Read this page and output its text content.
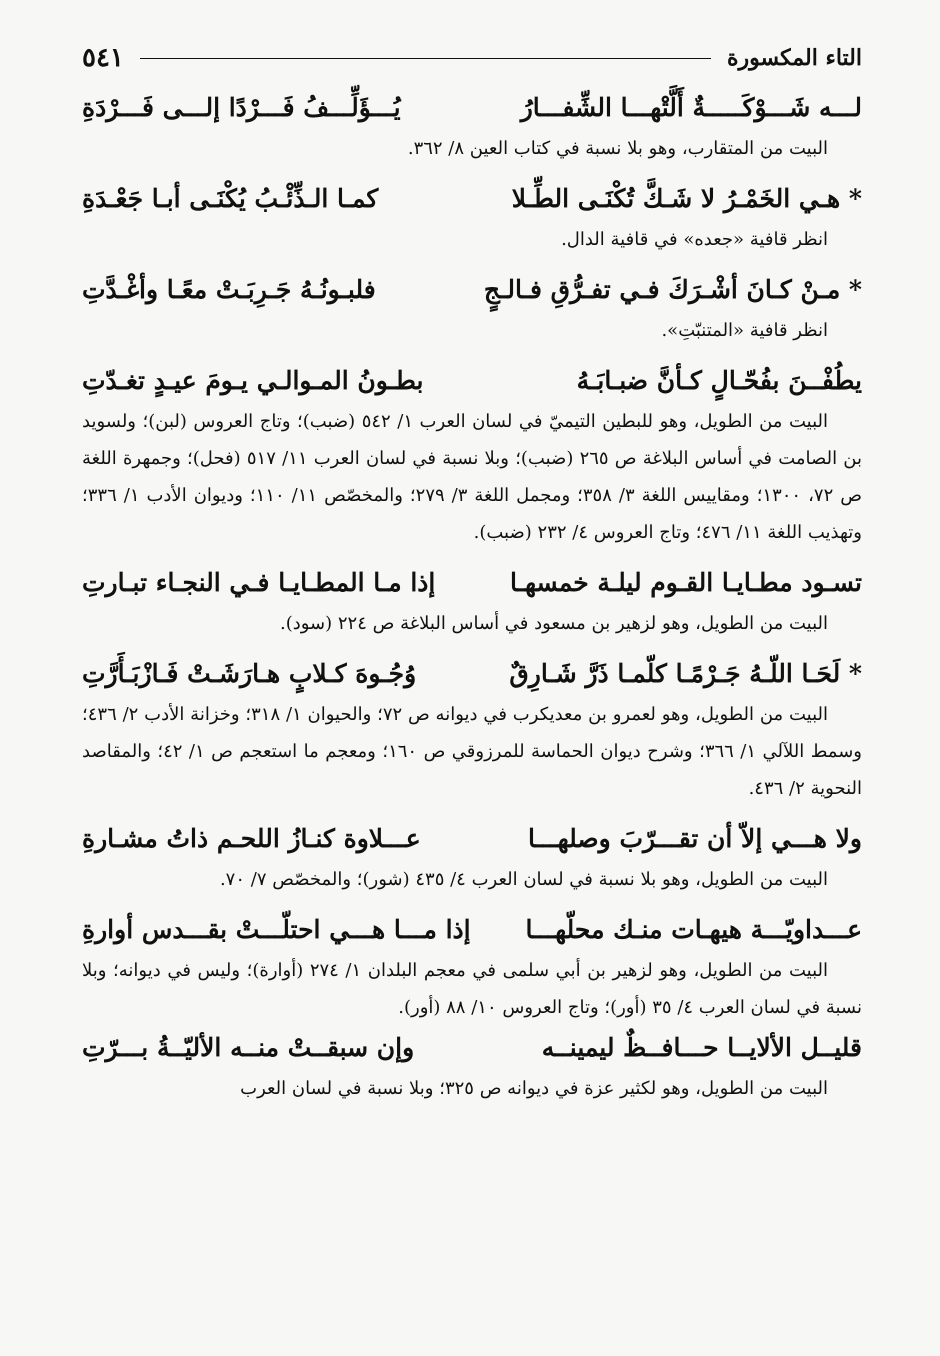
التاء المكسورة
٥٤١
لـــه شَـــوْكَـــــةٌ أَلَّتْهـــا الشِّفـــارُ
يُـــؤَلِّـــفُ فَـــرْدًا إلـــى فَـــرْدَةِ
البيت من المتقارب، وهو بلا نسبة في كتاب العين ٨/ ٣٦٢.
* هـي الخَمْـرُ لا شَـكَّ تُكْنَـى الطِّـلا
كمـا الـذِّئْـبُ يُكْنَـى أبـا جَعْـدَةِ
انظر قافية «جعده» في قافية الدال.
* مـنْ كـانَ أشْـرَكَ فـي تفـرُّقِ فـالـجٍ
فلبـونُـهُ جَـرِبَـتْ معًـا وأغْـدَّتِ
انظر قافية «المتنبّتِ».
يطُفْــنَ بفُحّـالٍ كـأنَّ ضبـابَـهُ
بطـونُ المـوالـي يـومَ عيـدٍ تغـدّتِ
البيت من الطويل، وهو للبطين التيميّ في لسان العرب ١/ ٥٤٢ (ضبب)؛ وتاج العروس (لبن)؛ ولسويد بن الصامت في أساس البلاغة ص ٢٦٥ (ضبب)؛ وبلا نسبة في لسان العرب ١١/ ٥١٧ (فحل)؛ وجمهرة اللغة ص ٧٢، ١٣٠٠؛ ومقاييس اللغة ٣/ ٣٥٨؛ ومجمل اللغة ٣/ ٢٧٩؛ والمخصّص ١١/ ١١٠؛ وديوان الأدب ١/ ٣٣٦؛ وتهذيب اللغة ١١/ ٤٧٦؛ وتاج العروس ٤/ ٢٣٢ (ضبب).
تسـود مطـايـا القـوم ليلـة خمسهـا
إذا مـا المطـايـا فـي النجـاء تبـارتِ
البيت من الطويل، وهو لزهير بن مسعود في أساس البلاغة ص ٢٢٤ (سود).
* لَحَـا اللّـهُ جَـرْمًـا كلّمـا ذَرَّ شَـارِقٌ
وُجُـوهَ كـلابٍ هـارَشَـتْ فَـازْبَـأَرَّتِ
البيت من الطويل، وهو لعمرو بن معديكرب في ديوانه ص ٧٢؛ والحيوان ١/ ٣١٨؛ وخزانة الأدب ٢/ ٤٣٦؛ وسمط اللآلي ١/ ٣٦٦؛ وشرح ديوان الحماسة للمرزوقي ص ١٦٠؛ ومعجم ما استعجم ص ١/ ٤٢؛ والمقاصد النحوية ٢/ ٤٣٦.
ولا هـــي إلاّ أن تقـــرّبَ وصلهـــا
عـــلاوة كنـازُ اللحـم ذاتُ مشـارةِ
البيت من الطويل، وهو بلا نسبة في لسان العرب ٤/ ٤٣٥ (شور)؛ والمخصّص ٧/ ٧٠.
عـــداويّـــة هيهـات منـك محلّهـــا
إذا مـــا هـــي احتلّـــتْ بقـــدس أوارةِ
البيت من الطويل، وهو لزهير بن أبي سلمى في معجم البلدان ١/ ٢٧٤ (أوارة)؛ وليس في ديوانه؛ وبلا نسبة في لسان العرب ٤/ ٣٥ (أور)؛ وتاج العروس ١٠/ ٨٨ (أور).
قليــل الألايــا حـــافــظٌ ليمينــه
وإن سبقــتْ منــه الأليّــةُ بـــرّتِ
البيت من الطويل، وهو لكثير عزة في ديوانه ص ٣٢٥؛ وبلا نسبة في لسان العرب
